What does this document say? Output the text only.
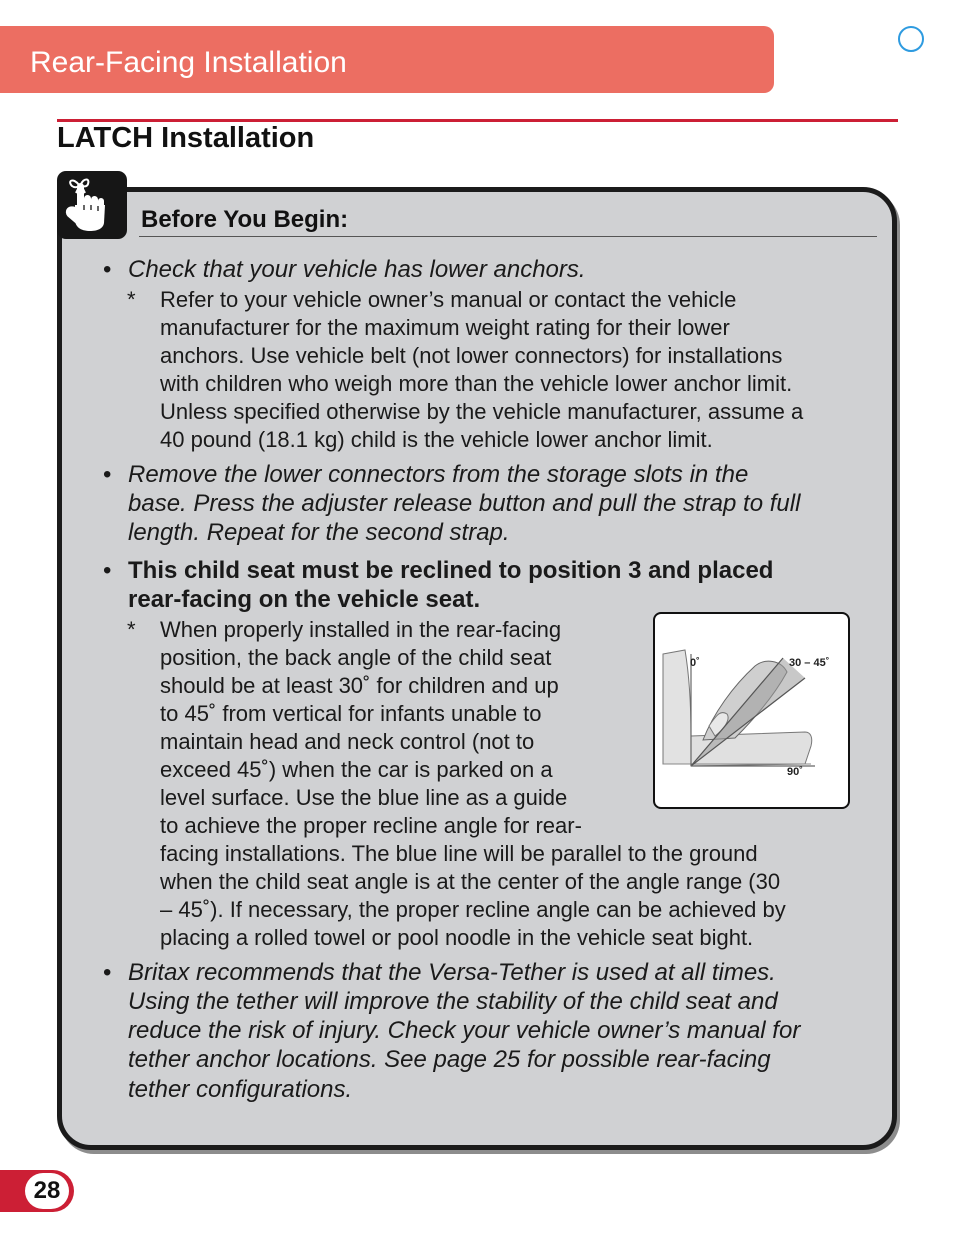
Rear-Facing Installation
LATCH Installation
Before You Begin:
• Check that your vehicle has lower anchors.

* Refer to your vehicle owner’s manual or contact the vehicle

manufacturer for the maximum weight rating for their lower

anchors. Use vehicle belt (not lower connectors) for installations

with children who weigh more than the vehicle lower anchor limit.

Unless specified otherwise by the vehicle manufacturer, assume a

40 pound (18.1 kg) child is the vehicle lower anchor limit.

• Remove the lower connectors from the storage slots in the

base. Press the adjuster release button and pull the strap to full

length. Repeat for the second strap.

• This child seat must be reclined to position 3 and placed

rear-facing on the vehicle seat.

* When properly installed in the rear-facing

position, the back angle of the child seat

should be at least 30˚ for children and up

to 45˚ from vertical for infants unable to

maintain head and neck control (not to

exceed 45˚) when the car is parked on a

level surface. Use the blue line as a guide

to achieve the proper recline angle for rear-

facing installations. The blue line will be parallel to the ground

when the child seat angle is at the center of the angle range (30

– 45˚). If necessary, the proper recline angle can be achieved by

placing a rolled towel or pool noodle in the vehicle seat bight.

0˚	30 – 45˚
90˚
• Britax recommends that the Versa-Tether is used at all times.

Using the tether will improve the stability of the child seat and

reduce the risk of injury. Check your vehicle owner’s manual for

tether anchor locations. See page 25 for possible rear-facing

tether configurations.

28
